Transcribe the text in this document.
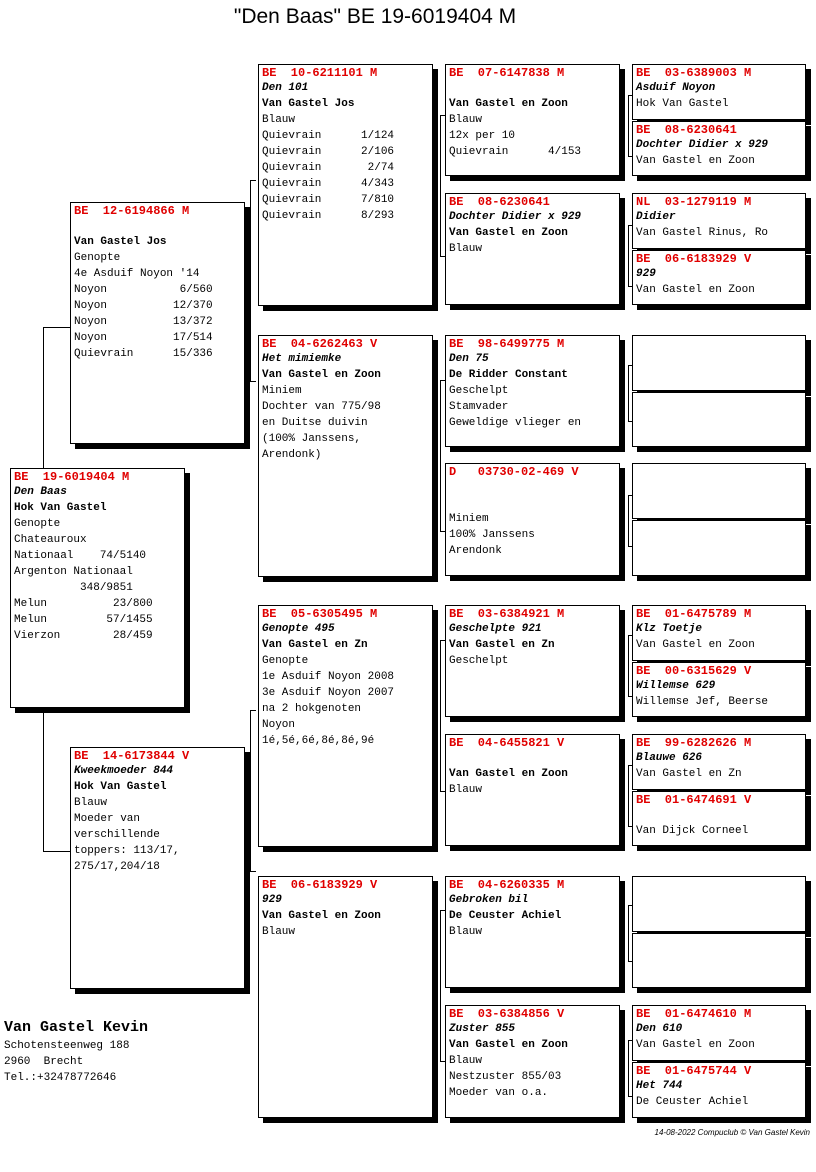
"Den Baas" BE 19-6019404 M
BE  19-6019404 M
Den Baas
Hok Van Gastel
Genopte
Chateauroux
Nationaal    74/5140
Argenton Nationaal
348/9851
Melun          23/800
Melun         57/1455
Vierzon        28/459
BE  12-6194866 M
Van Gastel Jos
Genopte
4e Asduif Noyon '14
Noyon           6/560
Noyon          12/370
Noyon          13/372
Noyon          17/514
Quievrain      15/336
BE  14-6173844 V
Kweekmoeder 844
Hok Van Gastel
Blauw
Moeder van
verschillende
toppers: 113/17,
275/17,204/18
BE  10-6211101 M
Den 101
Van Gastel Jos
Blauw
Quievrain      1/124
Quievrain      2/106
Quievrain       2/74
Quievrain      4/343
Quievrain      7/810
Quievrain      8/293
BE  04-6262463 V
Het mimiemke
Van Gastel en Zoon
Miniem
Dochter van 775/98
en Duitse duivin
(100% Janssens,
Arendonk)
BE  05-6305495 M
Genopte 495
Van Gastel en Zn
Genopte
1e Asduif Noyon 2008
3e Asduif Noyon 2007
na 2 hokgenoten
Noyon
1é,5é,6é,8é,8é,9é
BE  06-6183929 V
929
Van Gastel en Zoon
Blauw
BE  07-6147838 M
Van Gastel en Zoon
Blauw
12x per 10
Quievrain      4/153
BE  08-6230641
Dochter Didier x 929
Van Gastel en Zoon
Blauw
BE  98-6499775 M
Den 75
De Ridder Constant
Geschelpt
Stamvader
Geweldige vlieger en
D   03730-02-469 V
Miniem
100% Janssens
Arendonk
BE  03-6384921 M
Geschelpte 921
Van Gastel en Zn
Geschelpt
BE  04-6455821 V
Van Gastel en Zoon
Blauw
BE  04-6260335 M
Gebroken bil
De Ceuster Achiel
Blauw
BE  03-6384856 V
Zuster 855
Van Gastel en Zoon
Blauw
Nestzuster 855/03
Moeder van o.a.
BE  03-6389003 M
Asduif Noyon
Hok Van Gastel
BE  08-6230641
Dochter Didier x 929
Van Gastel en Zoon
NL  03-1279119 M
Didier
Van Gastel Rinus, Ro
BE  06-6183929 V
929
Van Gastel en Zoon
BE  01-6475789 M
Klz Toetje
Van Gastel en Zoon
BE  00-6315629 V
Willemse 629
Willemse Jef, Beerse
BE  99-6282626 M
Blauwe 626
Van Gastel en Zn
BE  01-6474691 V
Van Dijck Corneel
BE  01-6474610 M
Den 610
Van Gastel en Zoon
BE  01-6475744 V
Het 744
De Ceuster Achiel
Van Gastel Kevin
Schotensteenweg 188
2960  Brecht
Tel.:+32478772646
14-08-2022 Compuclub © Van Gastel Kevin
